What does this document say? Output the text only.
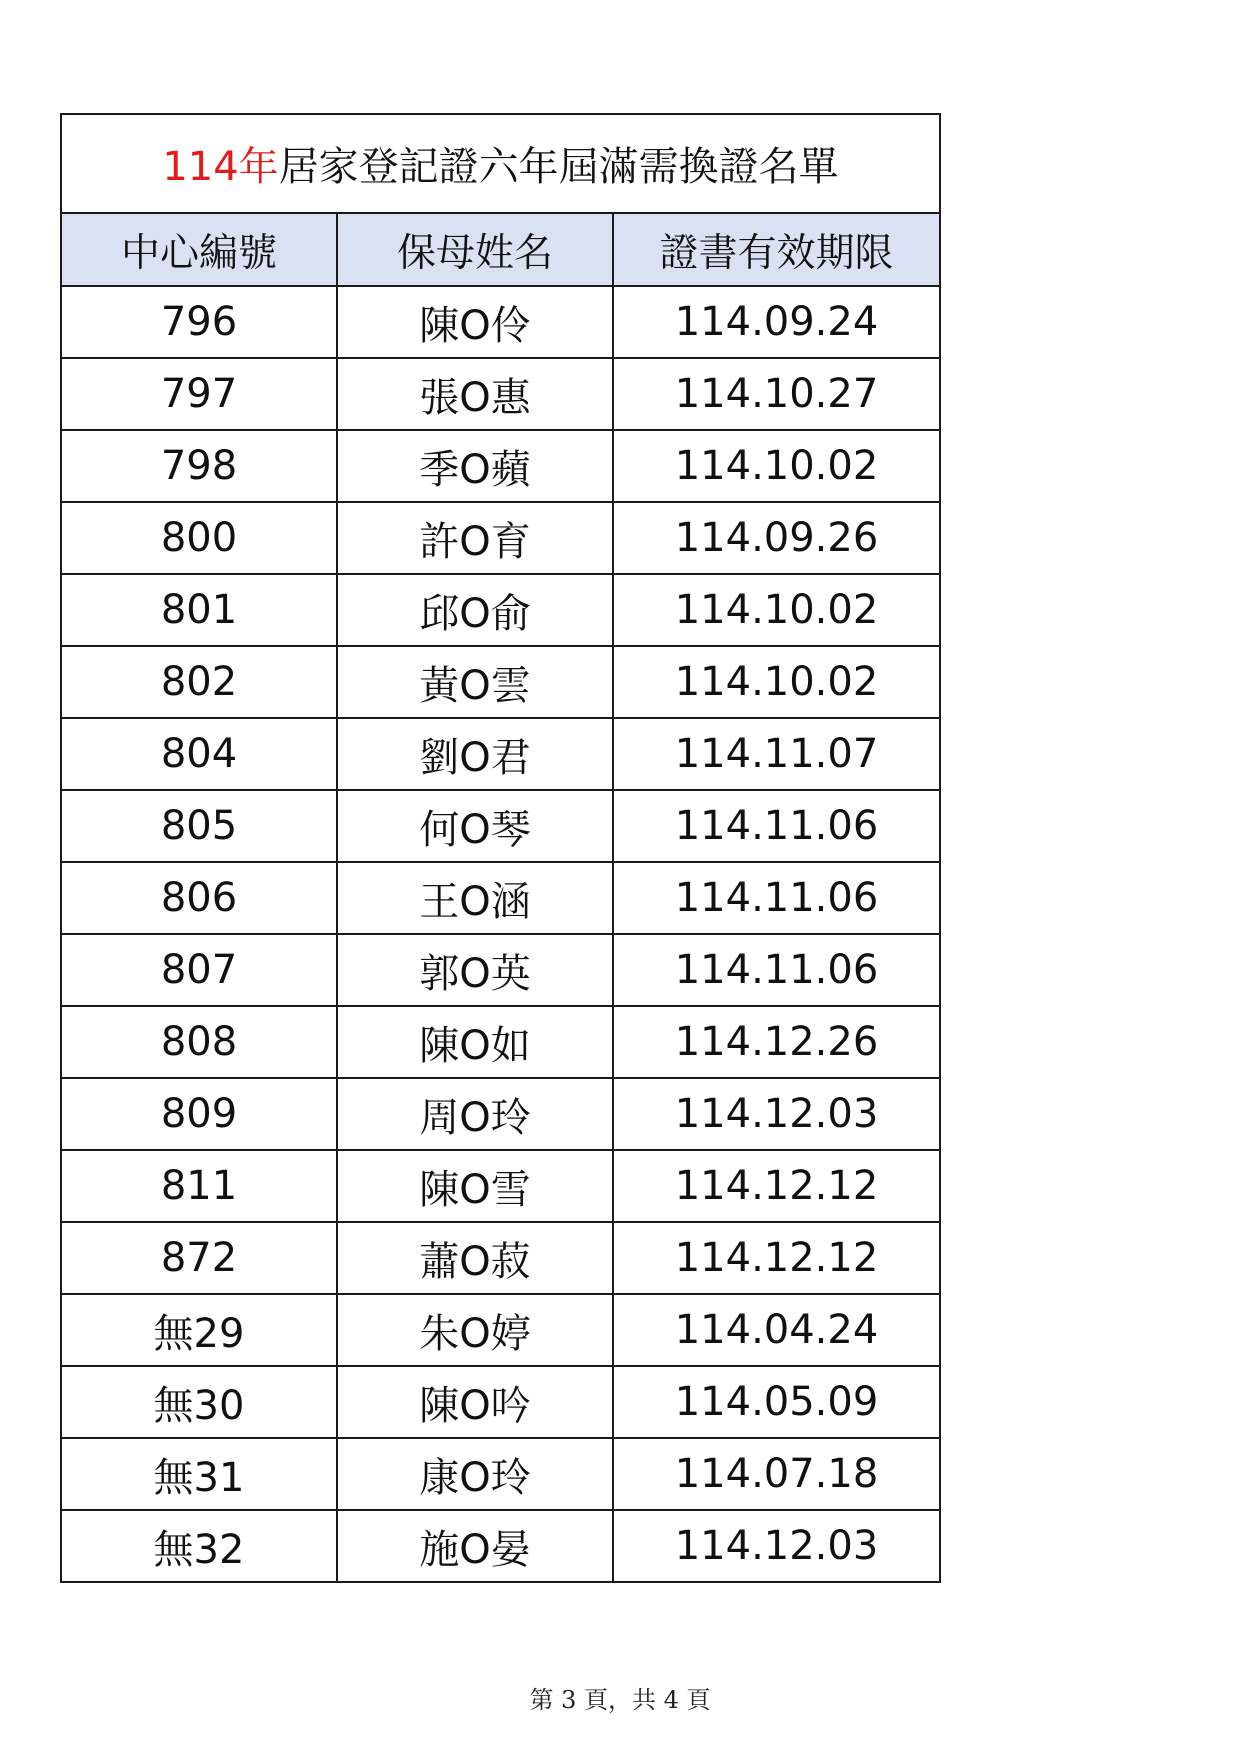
114年居家登記證六年屆滿需換證名單		
中心編號	保母姓名	證書有效期限
796	陳O伶	114.09.24
797	張O惠	114.10.27
798	季O蘋	114.10.02
800	許O育	114.09.26
801	邱O俞	114.10.02
802	黃O雲	114.10.02
804	劉O君	114.11.07
805	何O琴	114.11.06
806	王O涵	114.11.06
807	郭O英	114.11.06
808	陳O如	114.12.26
809	周O玲	114.12.03
811	陳O雪	114.12.12
872	蕭O菽	114.12.12
無29	朱O婷	114.04.24
無30	陳O吟	114.05.09
無31	康O玲	114.07.18
無32	施O晏	114.12.03
第 3 頁，共 4 頁
